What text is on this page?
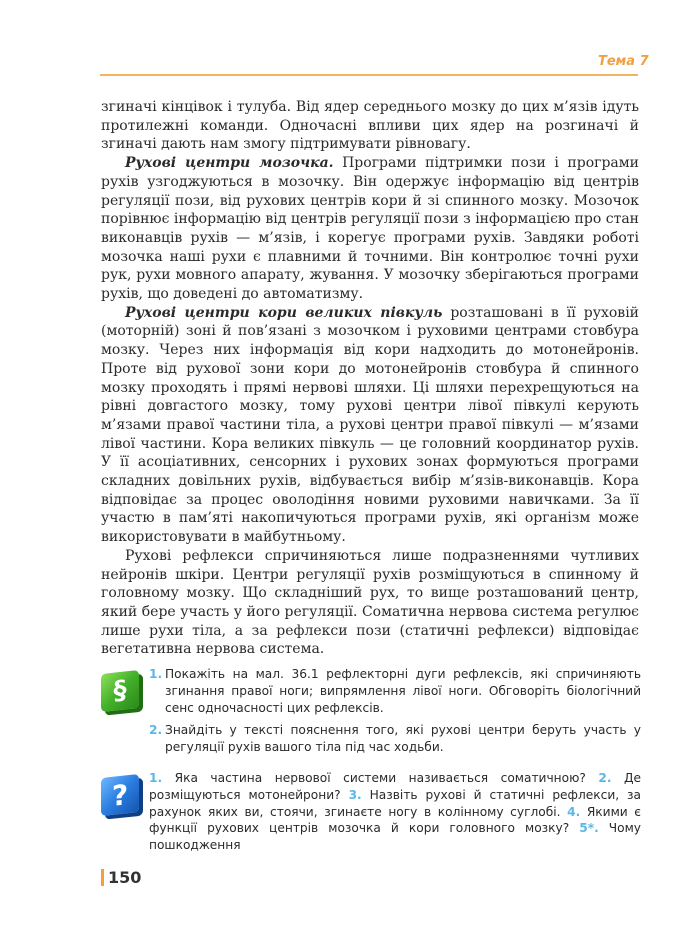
Тема 7

згиначі кінцівок і тулуба. Від ядер середнього мозку до цих м’язів ідуть протилежні команди. Одночасні впливи цих ядер на розгиначі й згиначі дають нам змогу підтримувати рівновагу.

Рухові центри мозочка. Програми підтримки пози і програми рухів узгоджуються в мозочку. Він одержує інформацію від центрів регуляції пози, від рухових центрів кори й зі спинного мозку. Мозочок порівнює інформацію від центрів регуляції пози з інформацією про стан виконавців рухів — м’язів, і корегує програми рухів. Завдяки роботі мозочка наші рухи є плавними й точними. Він контролює точні рухи рук, рухи мовного апарату, жування. У мозочку зберігаються програми рухів, що доведені до автоматизму.

Рухові центри кори великих півкуль розташовані в її руховій (моторній) зоні й пов’язані з мозочком і руховими центрами стовбура мозку. Через них інформація від кори надходить до мотонейронів. Проте від рухової зони кори до мотонейронів стовбура й спинного мозку проходять і прямі нервові шляхи. Ці шляхи перехрещуються на рівні довгастого мозку, тому рухові центри лівої півкулі керують м’язами правої частини тіла, а рухові центри правої півкулі — м’язами лівої частини. Кора великих півкуль — це головний координатор рухів. У її асоціативних, сенсорних і рухових зонах формуються програми складних довільних рухів, відбувається вибір м’язів-виконавців. Кора відповідає за процес оволодіння новими руховими навичками. За її участю в пам’яті накопичуються програми рухів, які організм може використовувати в майбутньому.

Рухові рефлекси спричиняються лише подразненнями чутливих нейронів шкіри. Центри регуляції рухів розміщуються в спинному й головному мозку. Що складніший рух, то вище розташований центр, який бере участь у його регуляції. Соматична нервова система регулює лише рухи тіла, а за рефлекси пози (статичні рефлекси) відповідає вегетативна нервова система.

§
1. Покажіть на мал. 36.1 рефлекторні дуги рефлексів, які спричиняють згинання правої ноги; випрямлення лівої ноги. Обговоріть біологічний сенс одночасності цих рефлексів.
2. Знайдіть у тексті пояснення того, які рухові центри беруть участь у регуляції рухів вашого тіла під час ходьби.
?	1. Яка частина нервової системи називається соматичною? 2. Де розміщуються мотонейрони? 3. Назвіть рухові й статичні рефлекси, за рахунок яких ви, стоячи, згинаєте ногу в колінному суглобі. 4. Якими є функції рухових центрів мозочка й кори головного мозку? 5*. Чому пошкодження
150
